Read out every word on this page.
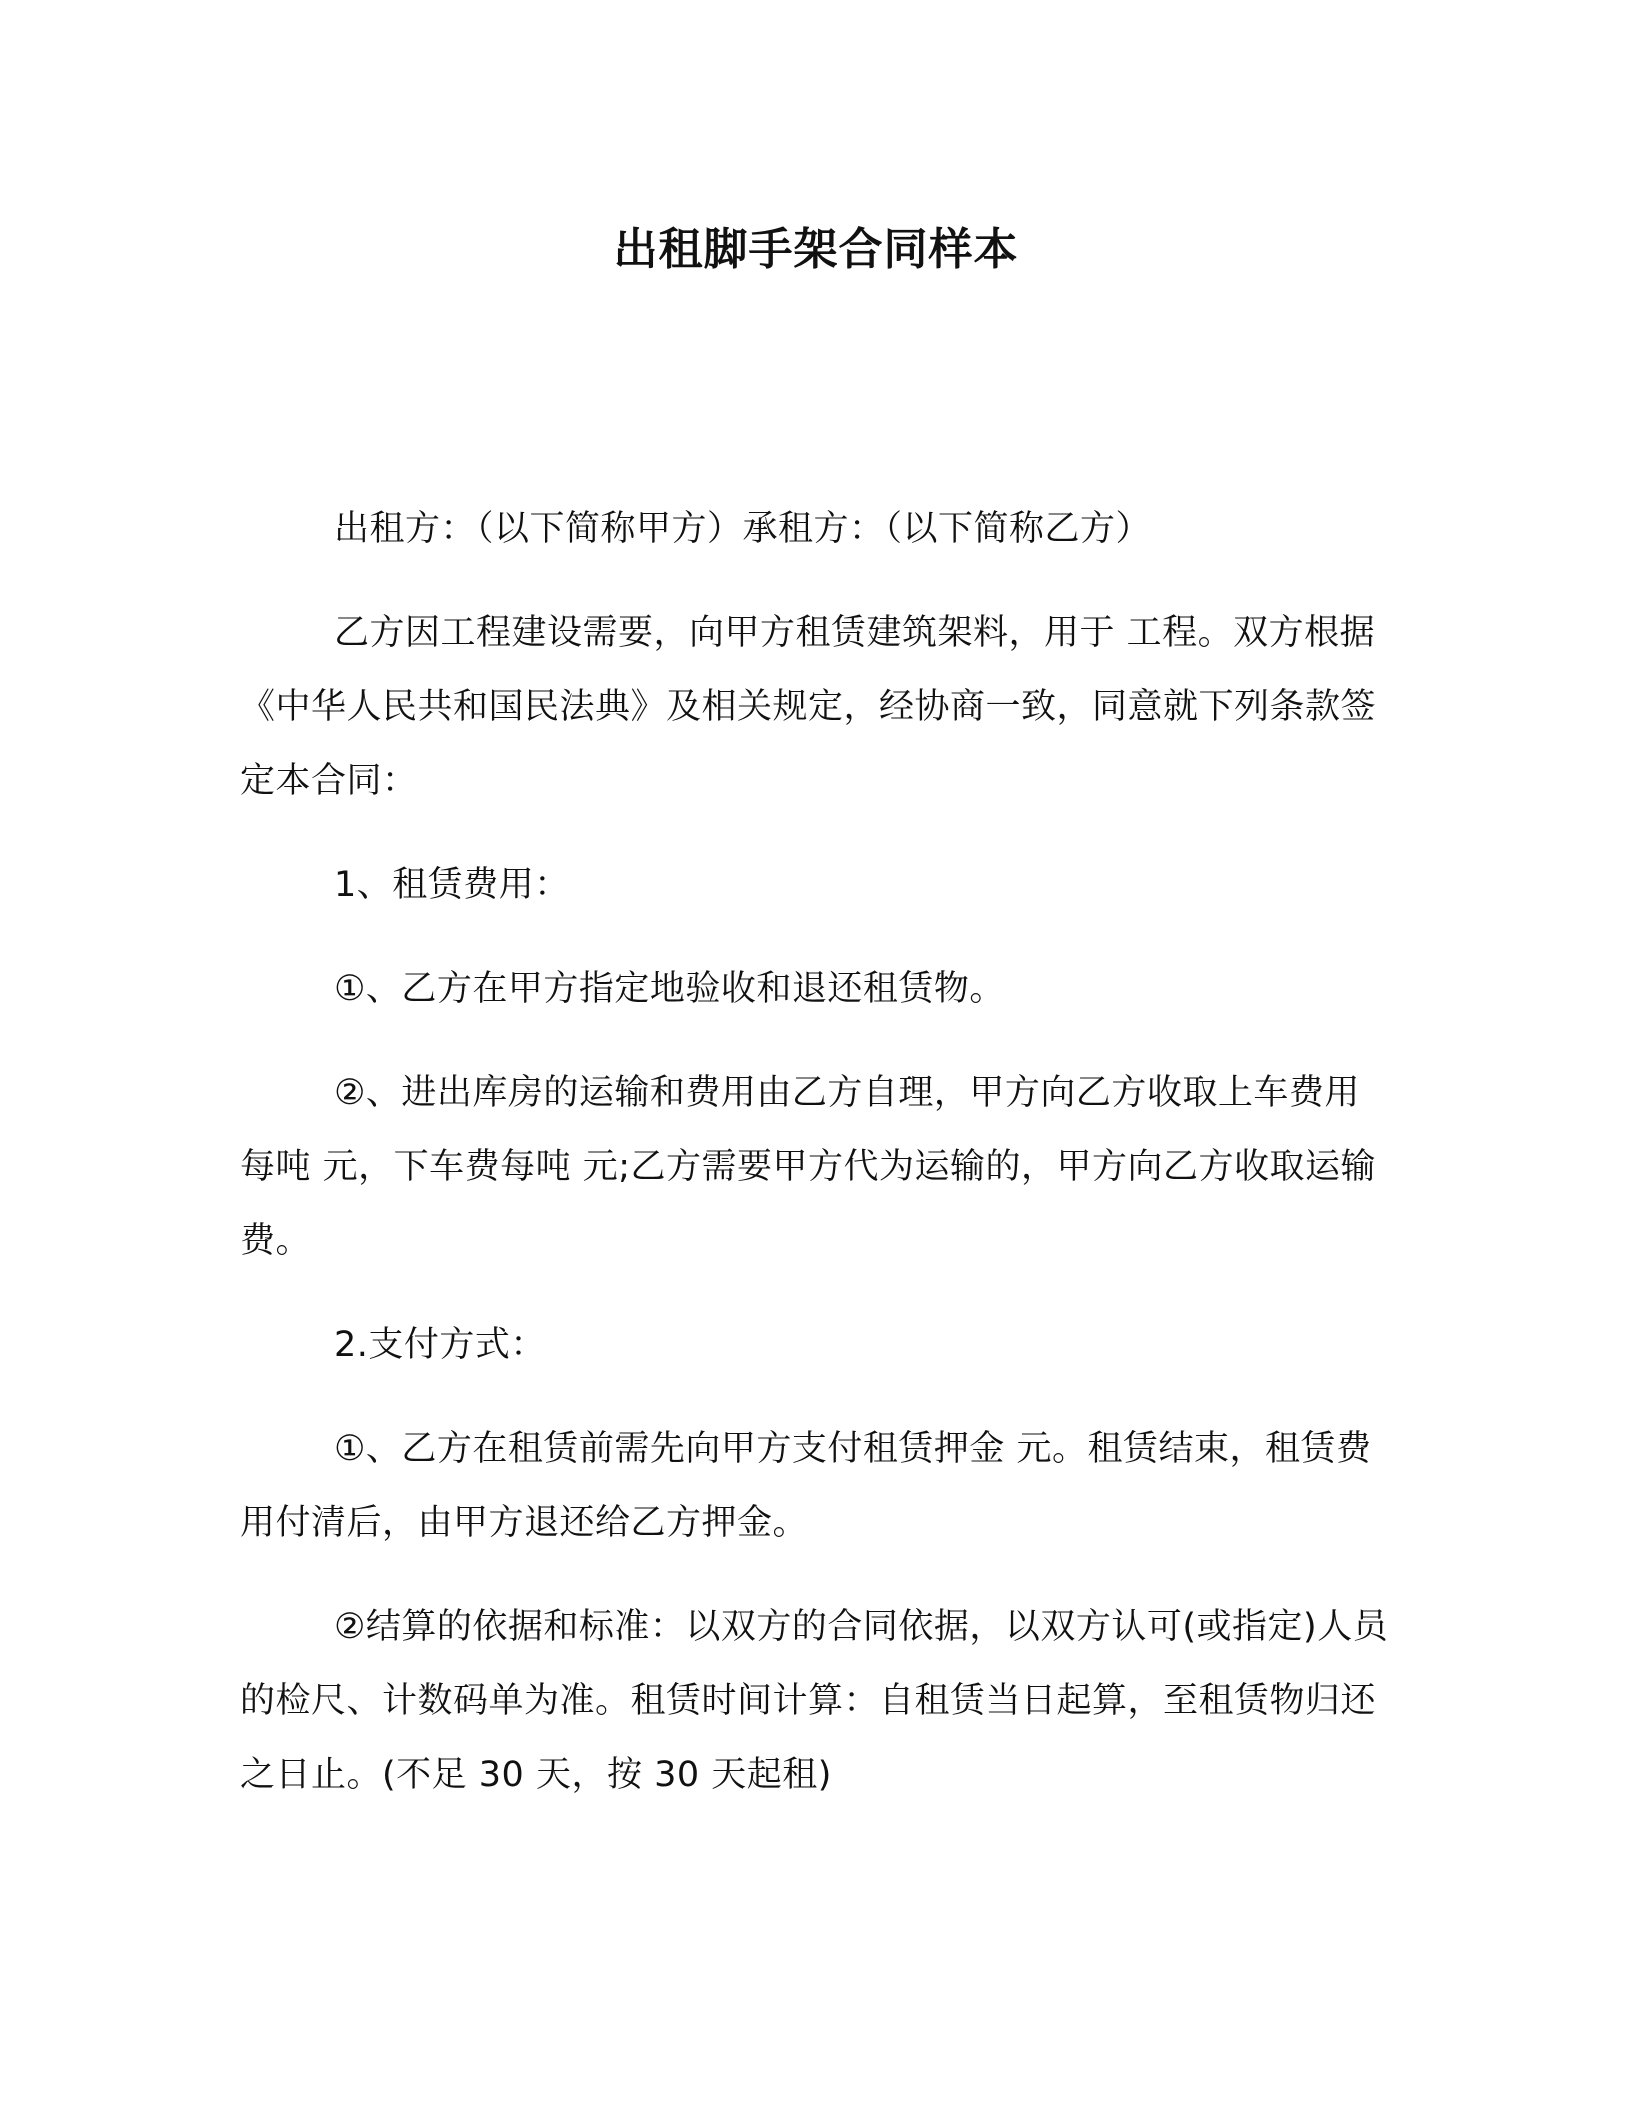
出租脚手架合同样本

出租方：（以下简称甲方）承租方：（以下简称乙方）

乙方因工程建设需要，向甲方租赁建筑架料，用于 工程。双方根据《中华人民共和国民法典》及相关规定，经协商一致，同意就下列条款签定本合同：

1、租赁费用：

①、乙方在甲方指定地验收和退还租赁物。

②、进出库房的运输和费用由乙方自理，甲方向乙方收取上车费用每吨 元，下车费每吨 元;乙方需要甲方代为运输的，甲方向乙方收取运输费。

2.支付方式：

①、乙方在租赁前需先向甲方支付租赁押金 元。租赁结束，租赁费用付清后，由甲方退还给乙方押金。

②结算的依据和标准：以双方的合同依据，以双方认可(或指定)人员的检尺、计数码单为准。租赁时间计算：自租赁当日起算，至租赁物归还之日止。(不足 30 天，按 30 天起租)
